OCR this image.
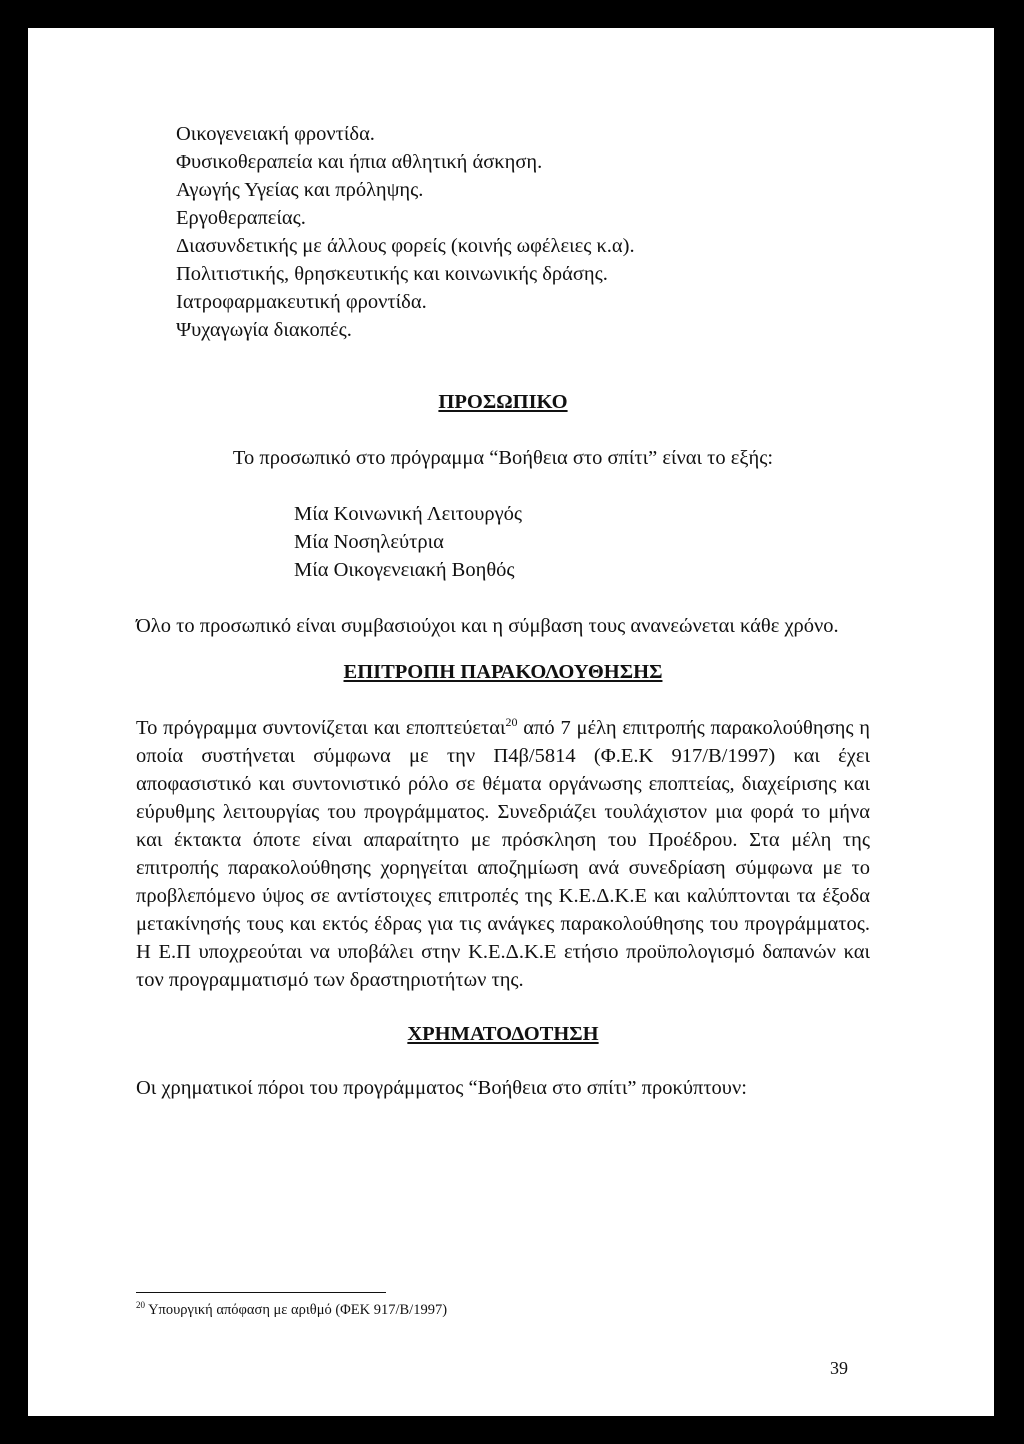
Οικογενειακή φροντίδα.
Φυσικοθεραπεία και ήπια αθλητική άσκηση.
Αγωγής Υγείας και πρόληψης.
Εργοθεραπείας.
Διασυνδετικής με άλλους φορείς (κοινής ωφέλειες κ.α).
Πολιτιστικής, θρησκευτικής και κοινωνικής δράσης.
Ιατροφαρμακευτική φροντίδα.
Ψυχαγωγία διακοπές.
ΠΡΟΣΩΠΙΚΟ

Το προσωπικό στο πρόγραμμα “Βοήθεια στο σπίτι” είναι το εξής:

Μία Κοινωνική Λειτουργός
Μία Νοσηλεύτρια
Μία Οικογενειακή Βοηθός

Όλο το προσωπικό είναι συμβασιούχοι και η σύμβαση τους ανανεώνεται κάθε χρόνο.

ΕΠΙΤΡΟΠΗ ΠΑΡΑΚΟΛΟΥΘΗΣΗΣ

Το πρόγραμμα συντονίζεται και εποπτεύεται$^{20}$ από 7 μέλη επιτροπής παρακολούθησης η οποία συστήνεται σύμφωνα με την Π4β/5814 (Φ.Ε.Κ 917/Β/1997) και έχει αποφασιστικό και συντονιστικό ρόλο σε θέματα οργάνωσης εποπτείας, διαχείρισης και εύρυθμης λειτουργίας του προγράμματος. Συνεδριάζει τουλάχιστον μια φορά το μήνα και έκτακτα όποτε είναι απαραίτητο με πρόσκληση του Προέδρου. Στα μέλη της επιτροπής παρακολούθησης χορηγείται αποζημίωση ανά συνεδρίαση σύμφωνα με το προβλεπόμενο ύψος σε αντίστοιχες επιτροπές της Κ.Ε.Δ.Κ.Ε και καλύπτονται τα έξοδα μετακίνησής τους και εκτός έδρας για τις ανάγκες παρακολούθησης του προγράμματος. Η Ε.Π υποχρεούται να υποβάλει στην Κ.Ε.Δ.Κ.Ε ετήσιο προϋπολογισμό δαπανών και τον προγραμματισμό των δραστηριοτήτων της.

ΧΡΗΜΑΤΟΔΟΤΗΣΗ

Οι χρηματικοί πόροι του προγράμματος “Βοήθεια στο σπίτι” προκύπτουν:

$^{20}$ Υπουργική απόφαση με αριθμό (ΦΕΚ 917/Β/1997)
39
